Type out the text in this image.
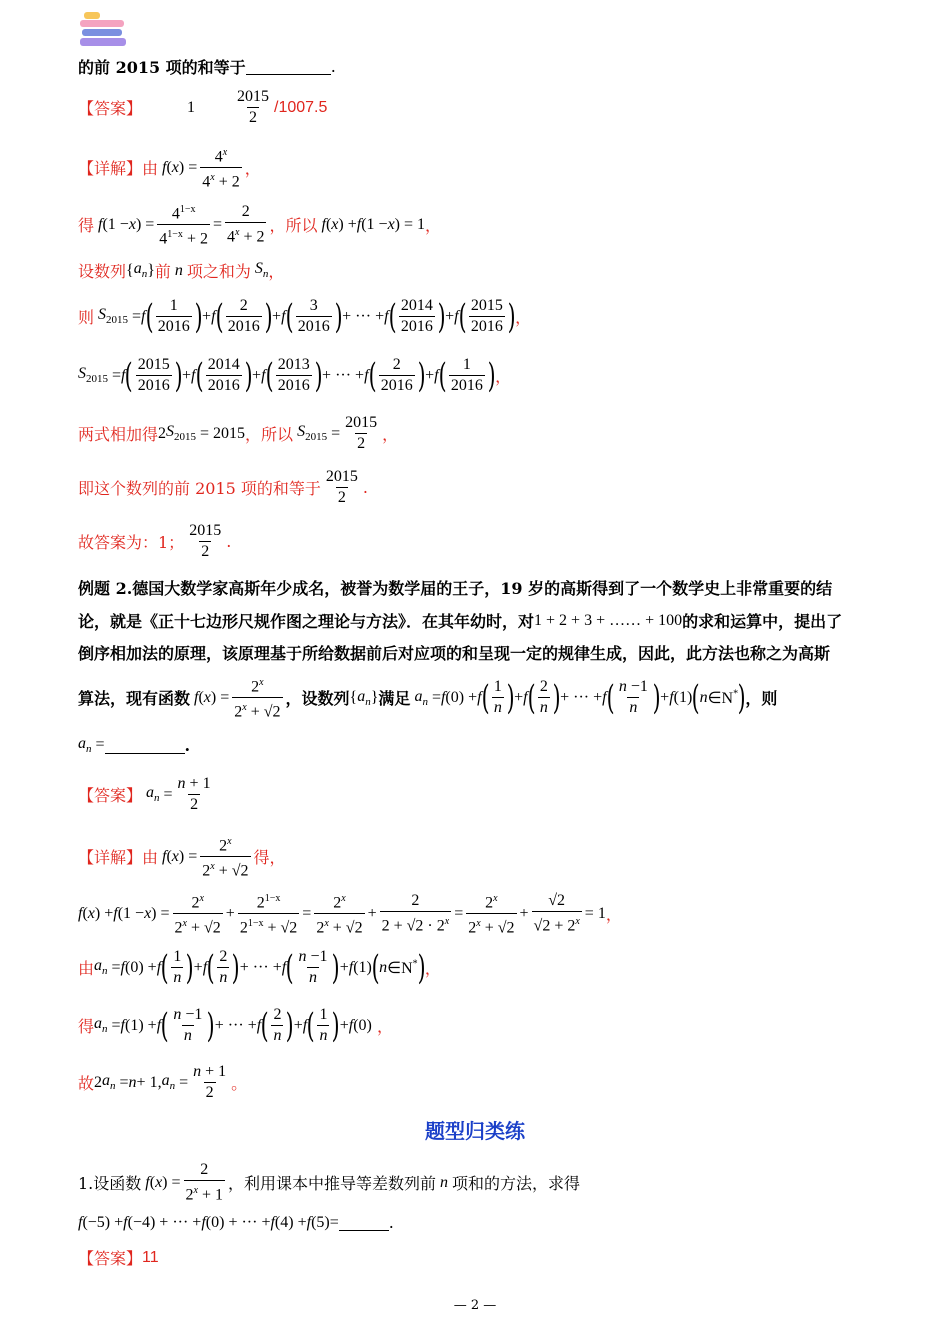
的前 2015 项的和等于	.
【答案】	1	$\frac{2015}{2} /1007.5$
【详解】由 f ( x ) = $\frac{4^x}{4^x + 2}$ ，
得 f (1 − x ) = $\frac{4^{1-x}}{4^{1-x} + 2} = \frac{2}{4^x + 2}$ ，所以 f ( x ) + f (1 − x ) = 1 ，
设数列 { $a_n$ } 前 n 项之和为 $S_n$ ，
则 $S_{2015} = f$ ( $\frac{1}{2016}$ ) + f ( $\frac{2}{2016}$ ) + f ( $\frac{3}{2016}$ ) + ··· + f ( $\frac{2014}{2016}$ ) + f ( $\frac{2015}{2016}$ ) ，
$S_{2015} = f$ ( $\frac{2015}{2016}$ ) + f ( $\frac{2014}{2016}$ ) + f ( $\frac{2013}{2016}$ ) + ··· + f ( $\frac{2}{2016}$ ) + f ( $\frac{1}{2016}$ ) ，
两式相加得 2 $S_{2015} = 2015$ ，所以 $S_{2015} = \frac{2015}{2}$ ，
即这个数列的前 2015 项的和等于 $\frac{2015}{2}$ .
故答案为：1； $\frac{2015}{2}$ .
例题 2. 德国大数学家高斯年少成名，被誉为数学届的王子，19 岁的高斯得到了一个数学史上非常重要的结
论，就是《正十七边形尺规作图之理论与方法》．在其年幼时，对 1 + 2 + 3 + …… + 100 的求和运算中，提出了
倒序相加法的原理，该原理基于所给数据前后对应项的和呈现一定的规律生成，因此，此方法也称之为高斯
算法，现有函数 f ( x ) = $\frac{2^x}{2^x + √2}$ ，设数列 { $a_n$ } 满足 $a_n = f$ (0) + f ( $\frac{1}{n}$ ) + f ( $\frac{2}{n}$ ) + ··· + f ( $\frac{n -1}{n}$ ) + f (1) ( n ∈N* ) ，则
$a_n$ =	.
【答案】 $a_n = \frac{n + 1}{2}$
【详解】由 f ( x ) = $\frac{2^x}{2^x + √2}$ 得，
f ( x ) + f (1 − x ) = $\frac{2^x}{2^x + √2} + \frac{2^{1-x}}{2^{1-x} + √2} = \frac{2^x}{2^x + √2} + \frac{2}{2 + √2 \cdot 2^x} = \frac{2^x}{2^x + √2} + \frac{√2}{√2 + 2^x} = 1$ ，
由 $a_n = f$ (0) + f ( $\frac{1}{n}$ ) + f ( $\frac{2}{n}$ ) + ··· + f ( $\frac{n -1}{n}$ ) + f (1) ( n ∈N* ) ，
得 $a_n = f$ (1) + f ( $\frac{n -1}{n}$ ) + ··· + f ( $\frac{2}{n}$ ) + f ( $\frac{1}{n}$ ) + f (0) ，
故 2 $a_n = n + 1$, $a_n = \frac{n + 1}{2}$ 。
题型归类练
1.设函数 f ( x ) = $\frac{2}{2^x + 1}$ ，利用课本中推导等差数列前 n 项和的方法，求得
f (−5) + f (−4) + ··· + f (0) + ··· + f (4) + f (5)=	.
【答案】 11
— 2 —
